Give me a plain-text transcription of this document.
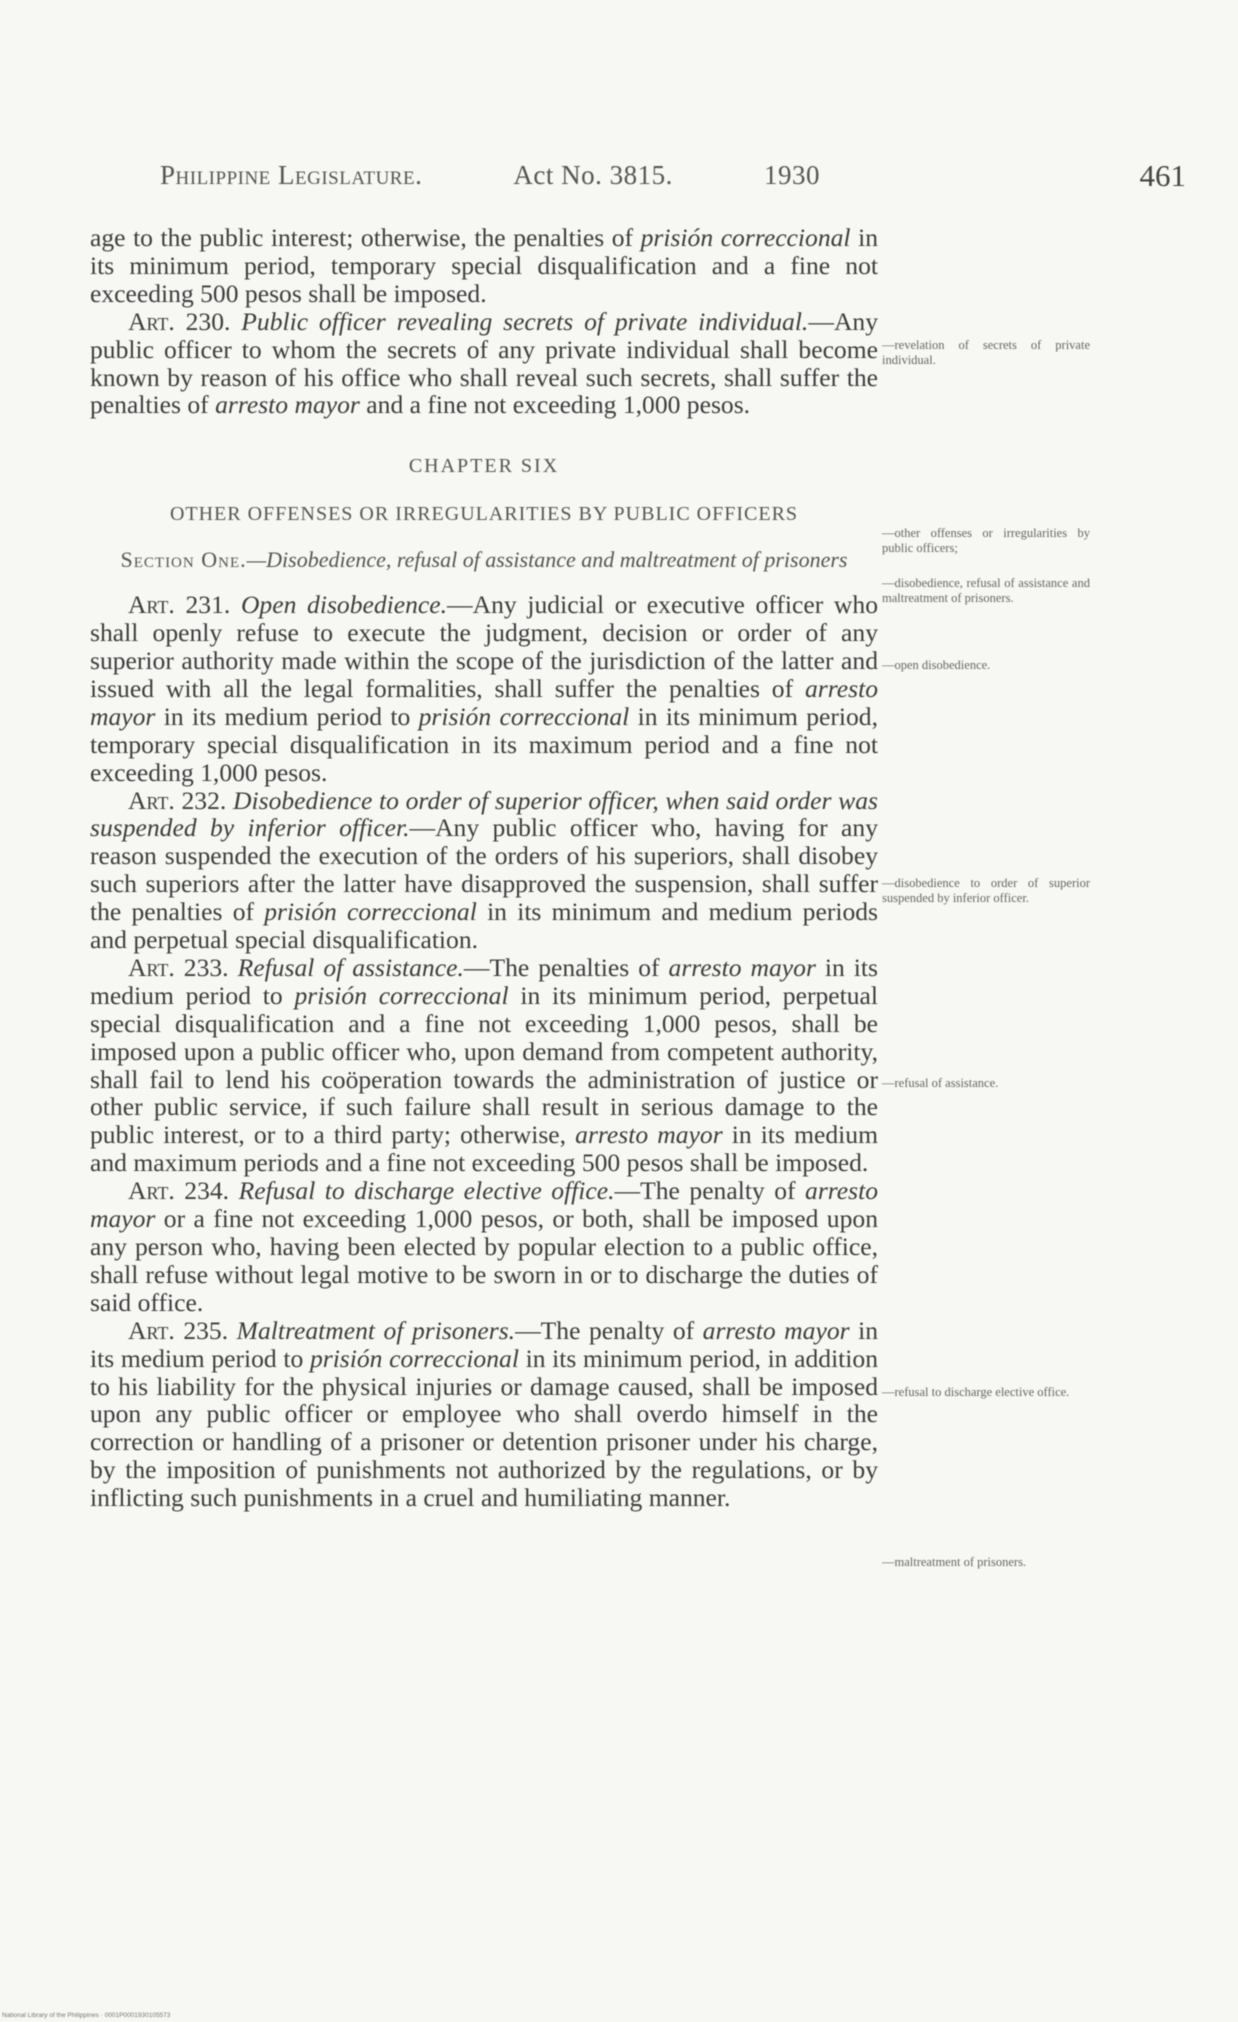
Philippine Legislature.	Act No. 3815.	1930	461

age to the public interest; otherwise, the penalties of prisión correccional in its minimum period, temporary special disqualification and a fine not exceeding 500 pesos shall be imposed.

Art. 230. Public officer revealing secrets of private individual.—Any public officer to whom the secrets of any private individual shall become known by reason of his office who shall reveal such secrets, shall suffer the penalties of arresto mayor and a fine not exceeding 1,000 pesos.

CHAPTER SIX
OTHER OFFENSES OR IRREGULARITIES BY PUBLIC OFFICERS
Section One.—Disobedience, refusal of assistance and maltreatment of prisoners

Art. 231. Open disobedience.—Any judicial or executive officer who shall openly refuse to execute the judgment, decision or order of any superior authority made within the scope of the jurisdiction of the latter and issued with all the legal formalities, shall suffer the penalties of arresto mayor in its medium period to prisión correccional in its minimum period, temporary special disqualification in its maximum period and a fine not exceeding 1,000 pesos.

Art. 232. Disobedience to order of superior officer, when said order was suspended by inferior officer.—Any public officer who, having for any reason suspended the execution of the orders of his superiors, shall disobey such superiors after the latter have disapproved the suspension, shall suffer the penalties of prisión correccional in its minimum and medium periods and perpetual special disqualification.

Art. 233. Refusal of assistance.—The penalties of arresto mayor in its medium period to prisión correccional in its minimum period, perpetual special disqualification and a fine not exceeding 1,000 pesos, shall be imposed upon a public officer who, upon demand from competent authority, shall fail to lend his coöperation towards the administration of justice or other public service, if such failure shall result in serious damage to the public interest, or to a third party; otherwise, arresto mayor in its medium and maximum periods and a fine not exceeding 500 pesos shall be imposed.

Art. 234. Refusal to discharge elective office.—The penalty of arresto mayor or a fine not exceeding 1,000 pesos, or both, shall be imposed upon any person who, having been elected by popular election to a public office, shall refuse without legal motive to be sworn in or to discharge the duties of said office.

Art. 235. Maltreatment of prisoners.—The penalty of arresto mayor in its medium period to prisión correccional in its minimum period, in addition to his liability for the physical injuries or damage caused, shall be imposed upon any public officer or employee who shall overdo himself in the correction or handling of a prisoner or detention prisoner under his charge, by the imposition of punishments not authorized by the regulations, or by inflicting such punishments in a cruel and humiliating manner.

—revelation of secrets of private individual.
—other offenses or irregularities by public officers;
—disobedience, refusal of assistance and maltreatment of prisoners.
—open disobedience.
—disobedience to order of superior suspended by inferior officer.
—refusal of assistance.
—refusal to discharge elective office.
—maltreatment of prisoners.
National Library of the Philippines · 0001P0001930105573
